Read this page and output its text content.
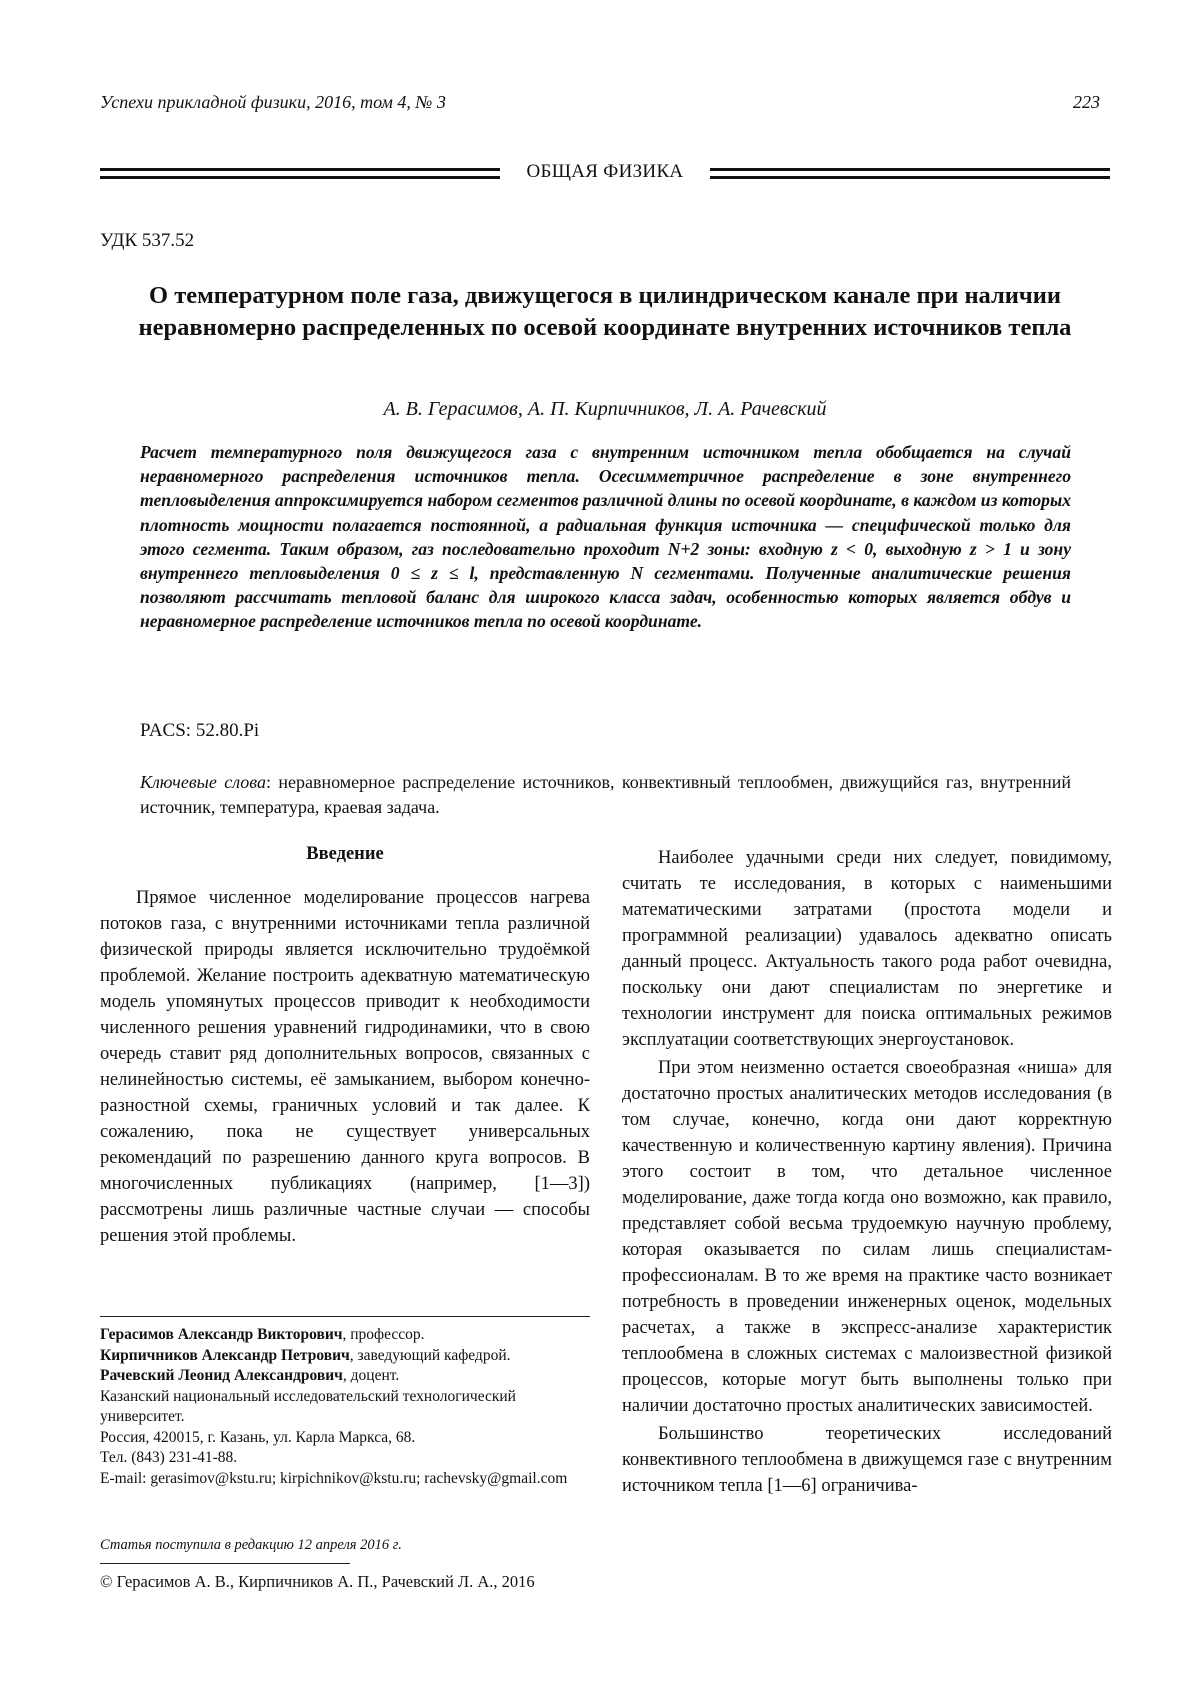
Успехи прикладной физики, 2016, том 4, № 3	223
ОБЩАЯ ФИЗИКА
УДК 537.52
О температурном поле газа, движущегося в цилиндрическом канале при наличии неравномерно распределенных по осевой координате внутренних источников тепла
А. В. Герасимов, А. П. Кирпичников, Л. А. Рачевский
Расчет температурного поля движущегося газа с внутренним источником тепла обобщается на случай неравномерного распределения источников тепла. Осесимметричное распределение в зоне внутреннего тепловыделения аппроксимируется набором сегментов различной длины по осевой координате, в каждом из которых плотность мощности полагается постоянной, а радиальная функция источника — специфической только для этого сегмента. Таким образом, газ последовательно проходит N+2 зоны: входную z < 0, выходную z > 1 и зону внутреннего тепловыделения 0 ≤ z ≤ l, представленную N сегментами. Полученные аналитические решения позволяют рассчитать тепловой баланс для широкого класса задач, особенностью которых является обдув и неравномерное распределение источников тепла по осевой координате.
PACS: 52.80.Pi
Ключевые слова: неравномерное распределение источников, конвективный теплообмен, движущийся газ, внутренний источник, температура, краевая задача.
Введение

Прямое численное моделирование процессов нагрева потоков газа, с внутренними источниками тепла различной физической природы является исключительно трудоёмкой проблемой. Желание построить адекватную математическую модель упомянутых процессов приводит к необходимости численного решения уравнений гидродинамики, что в свою очередь ставит ряд дополнительных вопросов, связанных с нелинейностью системы, её замыканием, выбором конечно-разностной схемы, граничных условий и так далее. К сожалению, пока не существует универсальных рекомендаций по разрешению данного круга вопросов. В многочисленных публикациях (например, [1—3]) рассмотрены лишь различные частные случаи — способы решения этой проблемы.

Наиболее удачными среди них следует, повидимому, считать те исследования, в которых с наименьшими математическими затратами (простота модели и программной реализации) удавалось адекватно описать данный процесс. Актуальность такого рода работ очевидна, поскольку они дают специалистам по энергетике и технологии инструмент для поиска оптимальных режимов эксплуатации соответствующих энергоустановок.

При этом неизменно остается своеобразная «ниша» для достаточно простых аналитических методов исследования (в том случае, конечно, когда они дают корректную качественную и количественную картину явления). Причина этого состоит в том, что детальное численное моделирование, даже тогда когда оно возможно, как правило, представляет собой весьма трудоемкую научную проблему, которая оказывается по силам лишь специалистам-профессионалам. В то же время на практике часто возникает потребность в проведении инженерных оценок, модельных расчетах, а также в экспресс-анализе характеристик теплообмена в сложных системах с малоизвестной физикой процессов, которые могут быть выполнены только при наличии достаточно простых аналитических зависимостей.

Большинство теоретических исследований конвективного теплообмена в движущемся газе с внутренним источником тепла [1—6] ограничива-

Герасимов Александр Викторович, профессор.
Кирпичников Александр Петрович, заведующий кафедрой.
Рачевский Леонид Александрович, доцент.
Казанский национальный исследовательский технологический университет.
Россия, 420015, г. Казань, ул. Карла Маркса, 68.
Тел. (843) 231-41-88.
E-mail: gerasimov@kstu.ru; kirpichnikov@kstu.ru; rachevsky@gmail.com
Статья поступила в редакцию 12 апреля 2016 г.
© Герасимов А. В., Кирпичников А. П., Рачевский Л. А., 2016
